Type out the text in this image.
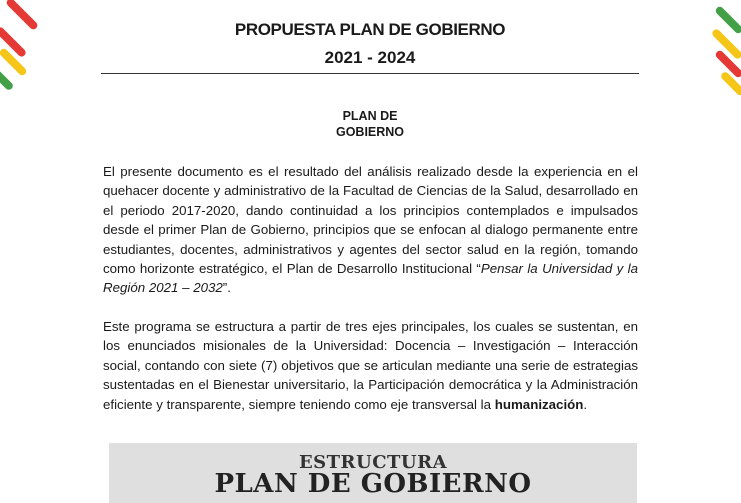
PROPUESTA PLAN DE GOBIERNO
2021 - 2024
PLAN DE
GOBIERNO
El presente documento es el resultado del análisis realizado desde la experiencia en el quehacer docente y administrativo de la Facultad de Ciencias de la Salud, desarrollado en el periodo 2017-2020, dando continuidad a los principios contemplados e impulsados desde el primer Plan de Gobierno, principios que se enfocan al dialogo permanente entre estudiantes, docentes, administrativos y agentes del sector salud en la región, tomando como horizonte estratégico, el Plan de Desarrollo Institucional “Pensar la Universidad y la Región 2021 – 2032”.
Este programa se estructura a partir de tres ejes principales, los cuales se sustentan, en los enunciados misionales de la Universidad: Docencia – Investigación – Interacción social, contando con siete (7) objetivos que se articulan mediante una serie de estrategias sustentadas en el Bienestar universitario, la Participación democrática y la Administración eficiente y transparente, siempre teniendo como eje transversal la humanización.
ESTRUCTURA
PLAN DE GOBIERNO
